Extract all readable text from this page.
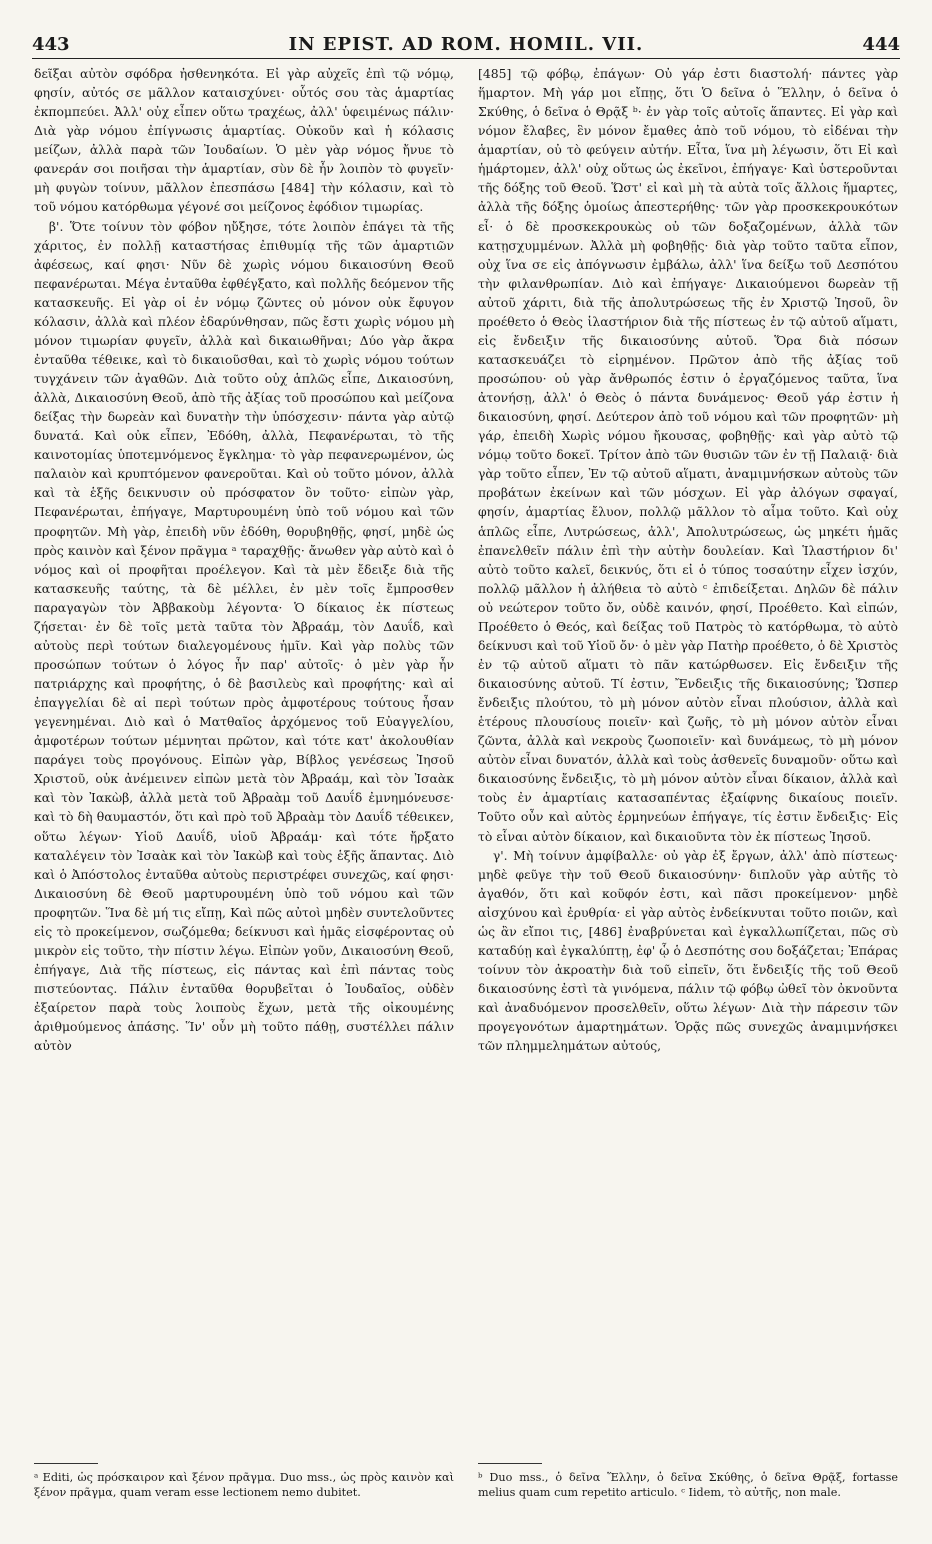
443	IN EPIST. AD ROM. HOMIL. VII.	444

δεῖξαι αὐτὸν σφόδρα ἠσθενηκότα. Εἰ γὰρ αὐχεῖς ἐπὶ τῷ νόμῳ, φησίν, αὐτός σε μᾶλλον καταισχύνει· οὗτός σου τὰς ἁμαρτίας ἐκπομπεύει. Ἀλλ' οὐχ εἶπεν οὕτω τραχέως, ἀλλ' ὑφειμένως πάλιν· Διὰ γὰρ νόμου ἐπίγνωσις ἁμαρτίας. Οὐκοῦν καὶ ἡ κόλασις μείζων, ἀλλὰ παρὰ τῶν Ἰουδαίων. Ὁ μὲν γὰρ νόμος ἤνυε τὸ φανεράν σοι ποιῆσαι τὴν ἁμαρτίαν, σὺν δὲ ἦν λοιπὸν τὸ φυγεῖν· μὴ φυγὼν τοίνυν, μᾶλλον ἐπεσπάσω [484] τὴν κόλασιν, καὶ τὸ τοῦ νόμου κατόρθωμα γέγονέ σοι μείζονος ἐφόδιον τιμωρίας.

β'. Ὅτε τοίνυν τὸν φόβον ηὔξησε, τότε λοιπὸν ἐπάγει τὰ τῆς χάριτος, ἐν πολλῇ καταστήσας ἐπιθυμίᾳ τῆς τῶν ἁμαρτιῶν ἀφέσεως, καί φησι· Νῦν δὲ χωρὶς νόμου δικαιοσύνη Θεοῦ πεφανέρωται. Μέγα ἐνταῦθα ἐφθέγξατο, καὶ πολλῆς δεόμενον τῆς κατασκευῆς. Εἰ γὰρ οἱ ἐν νόμῳ ζῶντες οὐ μόνον οὐκ ἔφυγον κόλασιν, ἀλλὰ καὶ πλέον ἐδαρύνθησαν, πῶς ἔστι χωρὶς νόμου μὴ μόνον τιμωρίαν φυγεῖν, ἀλλὰ καὶ δικαιωθῆναι; Δύο γὰρ ἄκρα ἐνταῦθα τέθεικε, καὶ τὸ δικαιοῦσθαι, καὶ τὸ χωρὶς νόμου τούτων τυγχάνειν τῶν ἀγαθῶν. Διὰ τοῦτο οὐχ ἁπλῶς εἶπε, Δικαιοσύνη, ἀλλὰ, Δικαιοσύνη Θεοῦ, ἀπὸ τῆς ἀξίας τοῦ προσώπου καὶ μείζονα δείξας τὴν δωρεὰν καὶ δυνατὴν τὴν ὑπόσχεσιν· πάντα γὰρ αὐτῷ δυνατά. Καὶ οὐκ εἶπεν, Ἐδόθη, ἀλλὰ, Πεφανέρωται, τὸ τῆς καινοτομίας ὑποτεμνόμενος ἔγκλημα· τὸ γὰρ πεφανερωμένον, ὡς παλαιὸν καὶ κρυπτόμενον φανεροῦται. Καὶ οὐ τοῦτο μόνον, ἀλλὰ καὶ τὰ ἑξῆς δεικνυσιν οὐ πρόσφατον ὂν τοῦτο· εἰπὼν γὰρ, Πεφανέρωται, ἐπήγαγε, Μαρτυρουμένη ὑπὸ τοῦ νόμου καὶ τῶν προφητῶν. Μὴ γὰρ, ἐπειδὴ νῦν ἐδόθη, θορυβηθῇς, φησί, μηδὲ ὡς πρὸς καινὸν καὶ ξένον πρᾶγμα ᵃ ταραχθῇς· ἄνωθεν γὰρ αὐτὸ καὶ ὁ νόμος καὶ οἱ προφῆται προέλεγον. Καὶ τὰ μὲν ἔδειξε διὰ τῆς κατασκευῆς ταύτης, τὰ δὲ μέλλει, ἐν μὲν τοῖς ἔμπροσθεν παραγαγὼν τὸν Ἀββακοὺμ λέγοντα· Ὁ δίκαιος ἐκ πίστεως ζήσεται· ἐν δὲ τοῖς μετὰ ταῦτα τὸν Ἀβραάμ, τὸν Δαυΐδ, καὶ αὐτοὺς περὶ τούτων διαλεγομένους ἡμῖν. Καὶ γὰρ πολὺς τῶν προσώπων τούτων ὁ λόγος ἦν παρ' αὐτοῖς· ὁ μὲν γὰρ ἦν πατριάρχης καὶ προφήτης, ὁ δὲ βασιλεὺς καὶ προφήτης· καὶ αἱ ἐπαγγελίαι δὲ αἱ περὶ τούτων πρὸς ἀμφοτέρους τούτους ἦσαν γεγενημέναι. Διὸ καὶ ὁ Ματθαῖος ἀρχόμενος τοῦ Εὐαγγελίου, ἀμφοτέρων τούτων μέμνηται πρῶτον, καὶ τότε κατ' ἀκολουθίαν παράγει τοὺς προγόνους. Εἰπὼν γὰρ, Βίβλος γενέσεως Ἰησοῦ Χριστοῦ, οὐκ ἀνέμεινεν εἰπὼν μετὰ τὸν Ἀβραάμ, καὶ τὸν Ἰσαὰκ καὶ τὸν Ἰακὼβ, ἀλλὰ μετὰ τοῦ Ἀβραὰμ τοῦ Δαυΐδ ἐμνημόνευσε· καὶ τὸ δὴ θαυμαστόν, ὅτι καὶ πρὸ τοῦ Ἀβραὰμ τὸν Δαυΐδ τέθεικεν, οὕτω λέγων· Υἱοῦ Δαυΐδ, υἱοῦ Ἀβραάμ· καὶ τότε ἤρξατο καταλέγειν τὸν Ἰσαὰκ καὶ τὸν Ἰακὼβ καὶ τοὺς ἑξῆς ἅπαντας. Διὸ καὶ ὁ Ἀπόστολος ἐνταῦθα αὐτοὺς περιστρέφει συνεχῶς, καί φησι· Δικαιοσύνη δὲ Θεοῦ μαρτυρουμένη ὑπὸ τοῦ νόμου καὶ τῶν προφητῶν. Ἵνα δὲ μή τις εἴπῃ, Καὶ πῶς αὐτοὶ μηδὲν συντελοῦντες εἰς τὸ προκείμενον, σωζόμεθα; δείκνυσι καὶ ἡμᾶς εἰσφέροντας οὐ μικρὸν εἰς τοῦτο, τὴν πίστιν λέγω. Εἰπὼν γοῦν, Δικαιοσύνη Θεοῦ, ἐπήγαγε, Διὰ τῆς πίστεως, εἰς πάντας καὶ ἐπὶ πάντας τοὺς πιστεύοντας. Πάλιν ἐνταῦθα θορυβεῖται ὁ Ἰουδαῖος, οὐδὲν ἐξαίρετον παρὰ τοὺς λοιποὺς ἔχων, μετὰ τῆς οἰκουμένης ἀριθμούμενος ἁπάσης. Ἵν' οὖν μὴ τοῦτο πάθῃ, συστέλλει πάλιν αὐτὸν

[485] τῷ φόβῳ, ἐπάγων· Οὐ γάρ ἐστι διαστολή· πάντες γὰρ ἥμαρτον. Μὴ γάρ μοι εἴπῃς, ὅτι Ὁ δεῖνα ὁ Ἕλλην, ὁ δεῖνα ὁ Σκύθης, ὁ δεῖνα ὁ Θρᾷξ ᵇ· ἐν γὰρ τοῖς αὐτοῖς ἅπαντες. Εἰ γὰρ καὶ νόμον ἔλαβες, ἓν μόνον ἔμαθες ἀπὸ τοῦ νόμου, τὸ εἰδέναι τὴν ἁμαρτίαν, οὐ τὸ φεύγειν αὐτήν. Εἶτα, ἵνα μὴ λέγωσιν, ὅτι Εἰ καὶ ἡμάρτομεν, ἀλλ' οὐχ οὕτως ὡς ἐκεῖνοι, ἐπήγαγε· Καὶ ὑστεροῦνται τῆς δόξης τοῦ Θεοῦ. Ὥστ' εἰ καὶ μὴ τὰ αὐτὰ τοῖς ἄλλοις ἥμαρτες, ἀλλὰ τῆς δόξης ὁμοίως ἀπεστερήθης· τῶν γὰρ προσκεκρουκότων εἶ· ὁ δὲ προσκεκρουκὼς οὐ τῶν δοξαζομένων, ἀλλὰ τῶν κατῃσχυμμένων. Ἀλλὰ μὴ φοβηθῇς· διὰ γὰρ τοῦτο ταῦτα εἶπον, οὐχ ἵνα σε εἰς ἀπόγνωσιν ἐμβάλω, ἀλλ' ἵνα δείξω τοῦ Δεσπότου τὴν φιλανθρωπίαν. Διὸ καὶ ἐπήγαγε· Δικαιούμενοι δωρεὰν τῇ αὐτοῦ χάριτι, διὰ τῆς ἀπολυτρώσεως τῆς ἐν Χριστῷ Ἰησοῦ, ὃν προέθετο ὁ Θεὸς ἱλαστήριον διὰ τῆς πίστεως ἐν τῷ αὐτοῦ αἵματι, εἰς ἔνδειξιν τῆς δικαιοσύνης αὐτοῦ. Ὅρα διὰ πόσων κατασκευάζει τὸ εἰρημένον. Πρῶτον ἀπὸ τῆς ἀξίας τοῦ προσώπου· οὐ γὰρ ἄνθρωπός ἐστιν ὁ ἐργαζόμενος ταῦτα, ἵνα ἀτονήσῃ, ἀλλ' ὁ Θεὸς ὁ πάντα δυνάμενος· Θεοῦ γάρ ἐστιν ἡ δικαιοσύνη, φησί. Δεύτερον ἀπὸ τοῦ νόμου καὶ τῶν προφητῶν· μὴ γάρ, ἐπειδὴ Χωρὶς νόμου ἤκουσας, φοβηθῇς· καὶ γὰρ αὐτὸ τῷ νόμῳ τοῦτο δοκεῖ. Τρίτον ἀπὸ τῶν θυσιῶν τῶν ἐν τῇ Παλαιᾷ· διὰ γὰρ τοῦτο εἶπεν, Ἐν τῷ αὐτοῦ αἵματι, ἀναμιμνήσκων αὐτοὺς τῶν προβάτων ἐκείνων καὶ τῶν μόσχων. Εἰ γὰρ ἀλόγων σφαγαί, φησίν, ἁμαρτίας ἔλυον, πολλῷ μᾶλλον τὸ αἷμα τοῦτο. Καὶ οὐχ ἁπλῶς εἶπε, Λυτρώσεως, ἀλλ', Ἀπολυτρώσεως, ὡς μηκέτι ἡμᾶς ἐπανελθεῖν πάλιν ἐπὶ τὴν αὐτὴν δουλείαν. Καὶ Ἱλαστήριον δι' αὐτὸ τοῦτο καλεῖ, δεικνύς, ὅτι εἰ ὁ τύπος τοσαύτην εἶχεν ἰσχύν, πολλῷ μᾶλλον ἡ ἀλήθεια τὸ αὐτὸ ᶜ ἐπιδείξεται. Δηλῶν δὲ πάλιν οὐ νεώτερον τοῦτο ὄν, οὐδὲ καινόν, φησί, Προέθετο. Καὶ εἰπών, Προέθετο ὁ Θεός, καὶ δείξας τοῦ Πατρὸς τὸ κατόρθωμα, τὸ αὐτὸ δείκνυσι καὶ τοῦ Υἱοῦ ὄν· ὁ μὲν γὰρ Πατὴρ προέθετο, ὁ δὲ Χριστὸς ἐν τῷ αὐτοῦ αἵματι τὸ πᾶν κατώρθωσεν. Εἰς ἔνδειξιν τῆς δικαιοσύνης αὐτοῦ. Τί ἐστιν, Ἔνδειξις τῆς δικαιοσύνης; Ὥσπερ ἔνδειξις πλούτου, τὸ μὴ μόνον αὐτὸν εἶναι πλούσιον, ἀλλὰ καὶ ἑτέρους πλουσίους ποιεῖν· καὶ ζωῆς, τὸ μὴ μόνον αὐτὸν εἶναι ζῶντα, ἀλλὰ καὶ νεκροὺς ζωοποιεῖν· καὶ δυνάμεως, τὸ μὴ μόνον αὐτὸν εἶναι δυνατόν, ἀλλὰ καὶ τοὺς ἀσθενεῖς δυναμοῦν· οὕτω καὶ δικαιοσύνης ἔνδειξις, τὸ μὴ μόνον αὐτὸν εἶναι δίκαιον, ἀλλὰ καὶ τοὺς ἐν ἁμαρτίαις κατασαπέντας ἐξαίφνης δικαίους ποιεῖν. Τοῦτο οὖν καὶ αὐτὸς ἑρμηνεύων ἐπήγαγε, τίς ἐστιν ἔνδειξις· Εἰς τὸ εἶναι αὐτὸν δίκαιον, καὶ δικαιοῦντα τὸν ἐκ πίστεως Ἰησοῦ.

γ'. Μὴ τοίνυν ἀμφίβαλλε· οὐ γὰρ ἐξ ἔργων, ἀλλ' ἀπὸ πίστεως· μηδὲ φεῦγε τὴν τοῦ Θεοῦ δικαιοσύνην· διπλοῦν γὰρ αὐτῆς τὸ ἀγαθόν, ὅτι καὶ κοῦφόν ἐστι, καὶ πᾶσι προκείμενον· μηδὲ αἰσχύνου καὶ ἐρυθρία· εἰ γὰρ αὐτὸς ἐνδείκνυται τοῦτο ποιῶν, καὶ ὡς ἂν εἴποι τις, [486] ἐναβρύνεται καὶ ἐγκαλλωπίζεται, πῶς σὺ καταδύῃ καὶ ἐγκαλύπτῃ, ἐφ' ᾧ ὁ Δεσπότης σου δοξάζεται; Ἐπάρας τοίνυν τὸν ἀκροατὴν διὰ τοῦ εἰπεῖν, ὅτι ἔνδειξίς τῆς τοῦ Θεοῦ δικαιοσύνης ἐστὶ τὰ γινόμενα, πάλιν τῷ φόβῳ ὠθεῖ τὸν ὀκνοῦντα καὶ ἀναδυόμενον προσελθεῖν, οὕτω λέγων· Διὰ τὴν πάρεσιν τῶν προγεγονότων ἁμαρτημάτων. Ὁρᾷς πῶς συνεχῶς ἀναμιμνήσκει τῶν πλημμελημάτων αὐτούς,

ᵃ Editi, ὡς πρόσκαιρον καὶ ξένον πρᾶγμα. Duo mss., ὡς πρὸς καινὸν καὶ ξένον πρᾶγμα, quam veram esse lectionem nemo dubitet.
ᵇ Duo mss., ὁ δεῖνα Ἕλλην, ὁ δεῖνα Σκύθης, ὁ δεῖνα Θρᾷξ, fortasse melius quam cum repetito articulo. ᶜ Iidem, τὸ αὐτῆς, non male.
